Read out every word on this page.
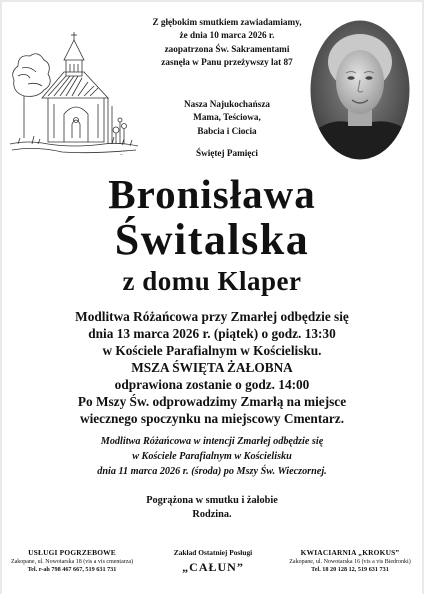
~
Z głębokim smutkiem zawiadamiamy,
że dnia 10 marca 2026 r.
zaopatrzona Św. Sakramentami
zasnęła w Panu przeżywszy lat 87
Nasza Najukochańsza
Mama, Teściowa,
Babcia i Ciocia
Świętej Pamięci
Bronisława
Świtalska
z domu Klaper
Modlitwa Różańcowa przy Zmarłej odbędzie się
dnia 13 marca 2026 r. (piątek) o godz. 13:30
w Kościele Parafialnym w Kościelisku.
MSZA ŚWIĘTA ŻAŁOBNA
odprawiona zostanie o godz. 14:00
Po Mszy Św. odprowadzimy Zmarłą na miejsce
wiecznego spoczynku na miejscowy Cmentarz.
Modlitwa Różańcowa w intencji Zmarłej odbędzie się
w Kościele Parafialnym w Kościelisku
dnia 11 marca 2026 r. (środa) po Mszy Św. Wieczornej.
Pogrążona w smutku i żałobie
Rodzina.
USŁUGI POGRZEBOWE
Zakopane, ul. Nowotarska 18 (vis a vis cmentarza)
Tel. r-ah 798 467 667, 519 631 731
Zakład Ostatniej Posługi
„CAŁUN”
KWIACIARNIA „KROKUS”
Zakopane, ul. Nowotarska 16 (vis a vis Biedronki)
Tel. 18 20 128 12, 519 631 731
